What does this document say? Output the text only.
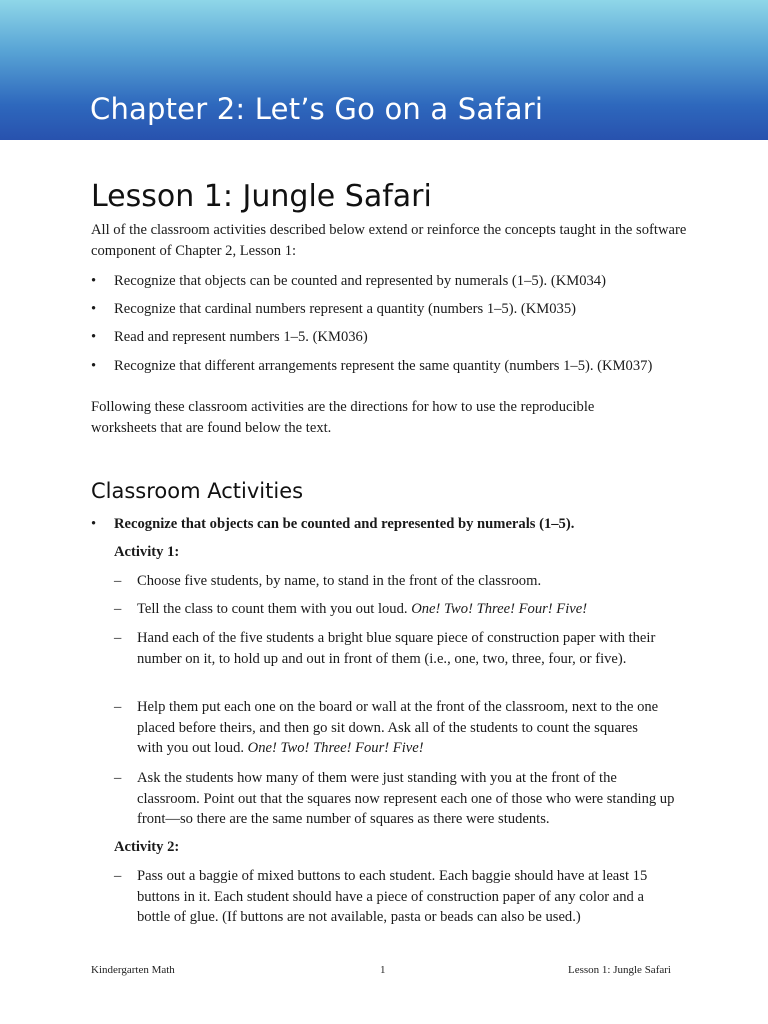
Chapter 2: Let’s Go on a Safari
Lesson 1: Jungle Safari

All of the classroom activities described below extend or reinforce the concepts taught in the software component of Chapter 2, Lesson 1:

• Recognize that objects can be counted and represented by numerals (1–5). (KM034)
• Recognize that cardinal numbers represent a quantity (numbers 1–5). (KM035)
• Read and represent numbers 1–5. (KM036)
• Recognize that different arrangements represent the same quantity (numbers 1–5). (KM037)

Following these classroom activities are the directions for how to use the reproducible worksheets that are found below the text.

Classroom Activities
• Recognize that objects can be counted and represented by numerals (1–5).
Activity 1:
– Choose five students, by name, to stand in the front of the classroom.
– Tell the class to count them with you out loud. One! Two! Three! Four! Five!
– Hand each of the five students a bright blue square piece of construction paper with their number on it, to hold up and out in front of them (i.e., one, two, three, four, or five).

– Help them put each one on the board or wall at the front of the classroom, next to the one placed before theirs, and then go sit down. Ask all of the students to count the squares with you out loud. One! Two! Three! Four! Five!

– Ask the students how many of them were just standing with you at the front of the classroom. Point out that the squares now represent each one of those who were standing up front—so there are the same number of squares as there were students.

Activity 2:
– Pass out a baggie of mixed buttons to each student. Each baggie should have at least 15 buttons in it. Each student should have a piece of construction paper of any color and a bottle of glue. (If buttons are not available, pasta or beads can also be used.)

Kindergarten Math	1	Lesson 1: Jungle Safari
